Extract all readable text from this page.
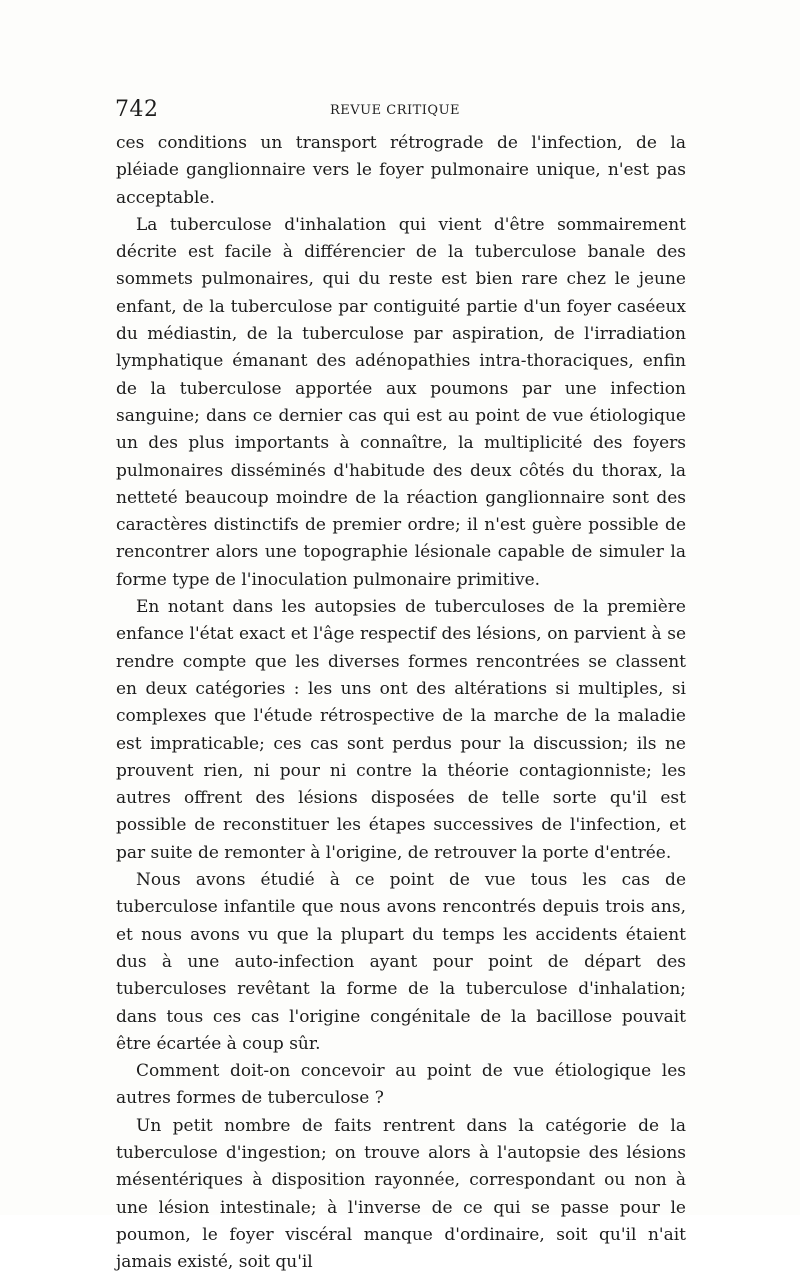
742	REVUE CRITIQUE

ces conditions un transport rétrograde de l'infection, de la pléiade ganglionnaire vers le foyer pulmonaire unique, n'est pas acceptable.

La tuberculose d'inhalation qui vient d'être sommairement décrite est facile à différencier de la tuberculose banale des sommets pulmonaires, qui du reste est bien rare chez le jeune enfant, de la tuberculose par contiguité partie d'un foyer caséeux du médiastin, de la tuberculose par aspiration, de l'irradiation lymphatique émanant des adénopathies intra-thoraciques, enfin de la tuberculose apportée aux poumons par une infection sanguine; dans ce dernier cas qui est au point de vue étiologique un des plus importants à connaître, la multiplicité des foyers pulmonaires disséminés d'habitude des deux côtés du thorax, la netteté beaucoup moindre de la réaction ganglionnaire sont des caractères distinctifs de premier ordre; il n'est guère possible de rencontrer alors une topographie lésionale capable de simuler la forme type de l'inoculation pulmonaire primitive.

En notant dans les autopsies de tuberculoses de la première enfance l'état exact et l'âge respectif des lésions, on parvient à se rendre compte que les diverses formes rencontrées se classent en deux catégories : les uns ont des altérations si multiples, si complexes que l'étude rétrospective de la marche de la maladie est impraticable; ces cas sont perdus pour la discussion; ils ne prouvent rien, ni pour ni contre la théorie contagionniste; les autres offrent des lésions disposées de telle sorte qu'il est possible de reconstituer les étapes successives de l'infection, et par suite de remonter à l'origine, de retrouver la porte d'entrée.

Nous avons étudié à ce point de vue tous les cas de tuberculose infantile que nous avons rencontrés depuis trois ans, et nous avons vu que la plupart du temps les accidents étaient dus à une auto-infection ayant pour point de départ des tuberculoses revêtant la forme de la tuberculose d'inhalation; dans tous ces cas l'origine congénitale de la bacillose pouvait être écartée à coup sûr.

Comment doit-on concevoir au point de vue étiologique les autres formes de tuberculose ?

Un petit nombre de faits rentrent dans la catégorie de la tuberculose d'ingestion; on trouve alors à l'autopsie des lésions mésentériques à disposition rayonnée, correspondant ou non à une lésion intestinale; à l'inverse de ce qui se passe pour le poumon, le foyer viscéral manque d'ordinaire, soit qu'il n'ait jamais existé, soit qu'il
